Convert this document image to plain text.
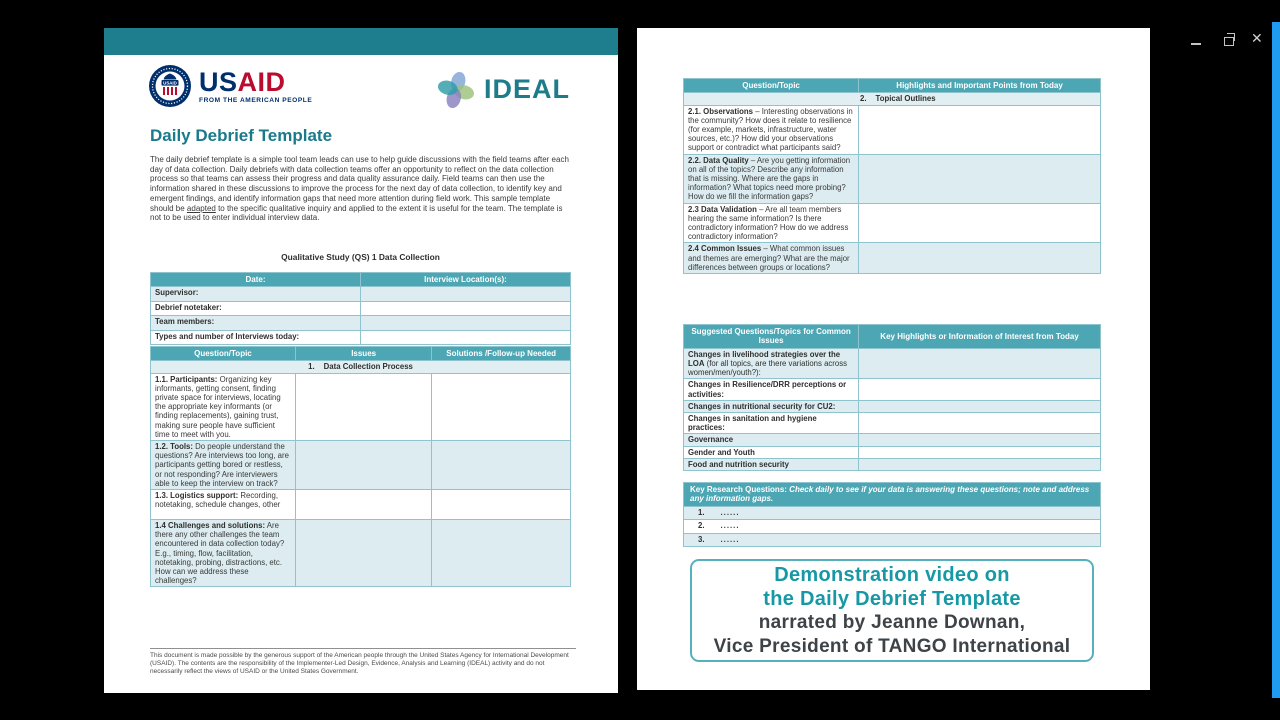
USAID USAID
FROM THE AMERICAN PEOPLE	IDEAL
Daily Debrief Template
The daily debrief template is a simple tool team leads can use to help guide discussions with the field teams after each day of data collection. Daily debriefs with data collection teams offer an opportunity to reflect on the data collection process so that teams can assess their progress and data quality assurance daily. Field teams can then use the information shared in these discussions to improve the process for the next day of data collection, to identify key and emergent findings, and identify information gaps that need more attention during field work. This sample template should be adapted to the specific qualitative inquiry and applied to the extent it is useful for the team. The template is not to be used to enter individual interview data.
Qualitative Study (QS) 1 Data Collection
Date:	Interview Location(s):
Supervisor:	
Debrief notetaker:	
Team members:	
Types and number of Interviews today:	
Question/Topic	Issues	Solutions /Follow-up Needed
1. Data Collection Process		
1.1. Participants: Organizing key informants, getting consent, finding private space for interviews, locating the appropriate key informants (or finding replacements), gaining trust, making sure people have sufficient time to meet with you.		
1.2. Tools: Do people understand the questions? Are interviews too long, are participants getting bored or restless, or not responding? Are interviewers able to keep the interview on track?		
1.3. Logistics support: Recording, notetaking, schedule changes, other		
1.4 Challenges and solutions: Are there any other challenges the team encountered in data collection today? E.g., timing, flow, facilitation, notetaking, probing, distractions, etc. How can we address these challenges?		
This document is made possible by the generous support of the American people through the United States Agency for International Development (USAID). The contents are the responsibility of the Implementer-Led Design, Evidence, Analysis and Learning (IDEAL) activity and do not necessarily reflect the views of USAID or the United States Government.
Question/Topic	Highlights and Important Points from Today
2. Topical Outlines	
2.1. Observations – Interesting observations in the community? How does it relate to resilience (for example, markets, infrastructure, water sources, etc.)? How did your observations support or contradict what participants said?	
2.2. Data Quality – Are you getting information on all of the topics? Describe any information that is missing. Where are the gaps in information? What topics need more probing? How do we fill the information gaps?	
2.3 Data Validation – Are all team members hearing the same information? Is there contradictory information? How do we address contradictory information?	
2.4 Common Issues – What common issues and themes are emerging? What are the major differences between groups or locations?	
Suggested Questions/Topics for Common Issues	Key Highlights or Information of Interest from Today
Changes in livelihood strategies over the LOA (for all topics, are there variations across women/men/youth?):	
Changes in Resilience/DRR perceptions or activities:	
Changes in nutritional security for CU2:	
Changes in sanitation and hygiene practices:	
Governance	
Gender and Youth	
Food and nutrition security	
Key Research Questions: Check daily to see if your data is answering these questions; note and address any information gaps.
1. ......
2. ......
3. ......
Demonstration video on
the Daily Debrief Template
narrated by Jeanne Downan,
Vice President of TANGO International
✕
